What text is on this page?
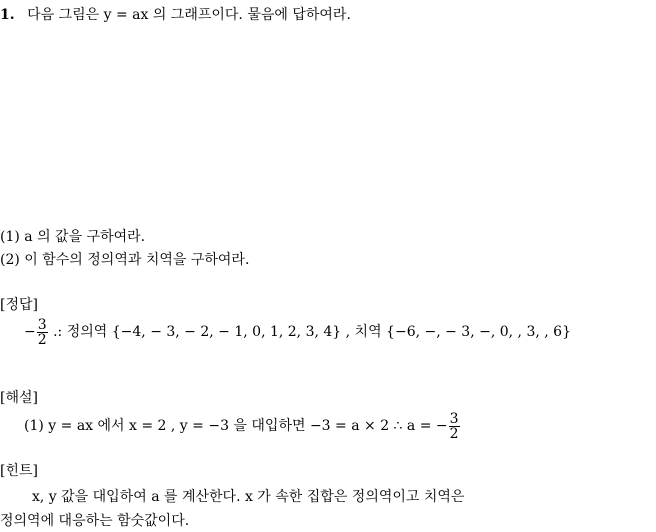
1. 다음 그림은 y = ax 의 그래프이다. 물음에 답하여라.
(1) a 의 값을 구하여라.
(2) 이 함수의 정의역과 치역을 구하여라.
[정답]
− $\frac{3}{2}$ .: 정의역 {−4, − 3, − 2, − 1, 0, 1, 2, 3, 4} , 치역 {−6, −, − 3, −, 0, , 3, , 6}
[해설]
(1) y = ax 에서 x = 2 , y = −3 을 대입하면 −3 = a × 2 ∴ a = − $\frac{3}{2}$
[힌트]
x, y 값을 대입하여 a 를 계산한다. x 가 속한 집합은 정의역이고 치역은
정의역에 대응하는 함숫값이다.
